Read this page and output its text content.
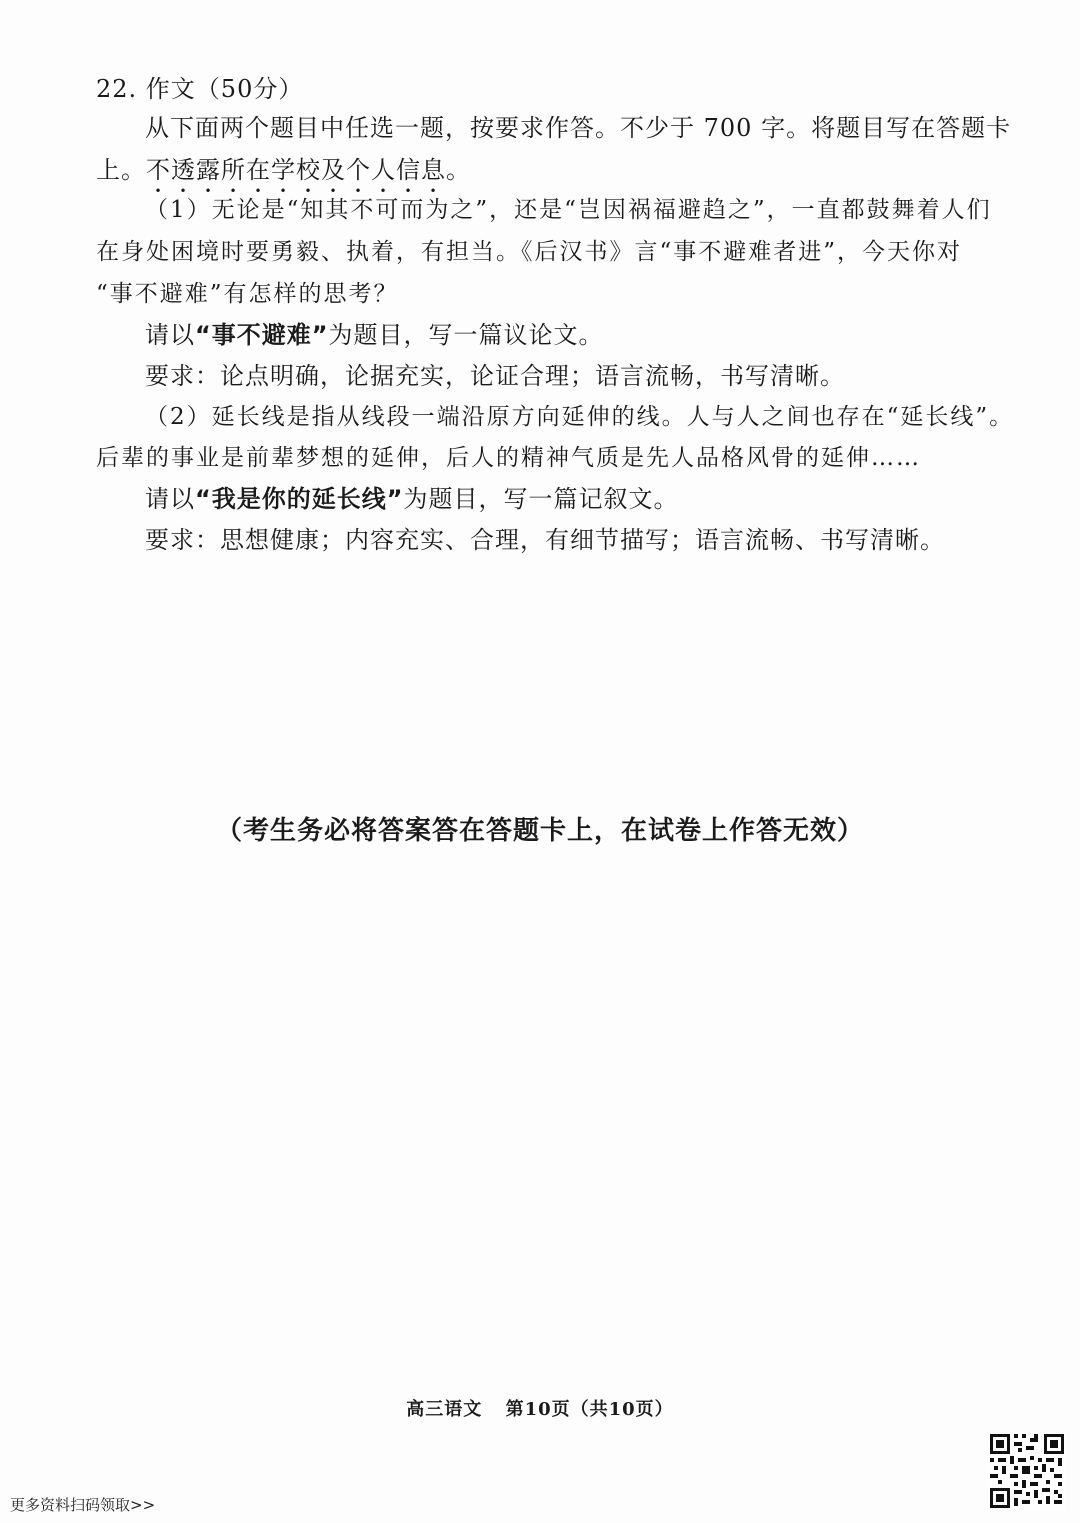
22. 作文（50分）
从下面两个题目中任选一题，按要求作答。不少于 700 字。将题目写在答题卡
上。不透露所在学校及个人信息。
（1）无论是“知其不可而为之”，还是“岂因祸福避趋之”，一直都鼓舞着人们
在身处困境时要勇毅、执着，有担当。《后汉书》言“事不避难者进”，今天你对
“事不避难”有怎样的思考？
请以“事不避难”为题目，写一篇议论文。
要求：论点明确，论据充实，论证合理；语言流畅，书写清晰。
（2）延长线是指从线段一端沿原方向延伸的线。人与人之间也存在“延长线”。
后辈的事业是前辈梦想的延伸，后人的精神气质是先人品格风骨的延伸……
请以“我是你的延长线”为题目，写一篇记叙文。
要求：思想健康；内容充实、合理，有细节描写；语言流畅、书写清晰。
（考生务必将答案答在答题卡上，在试卷上作答无效）
高三语文 第10页（共10页）
更多资料扫码领取>>
